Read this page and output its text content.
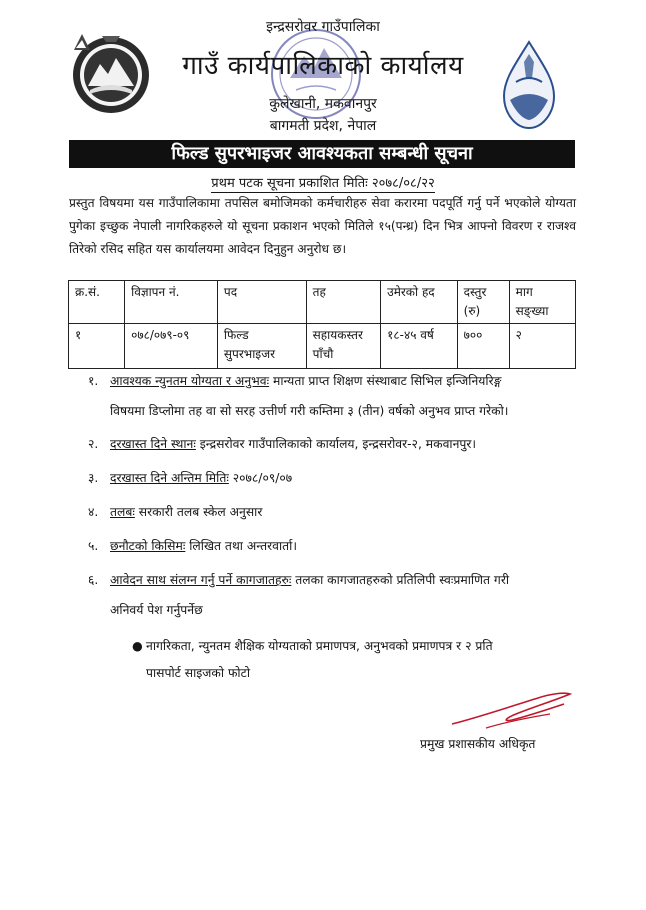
इन्द्रसरोवर गाउँपालिका
गाउँ कार्यपालिकाको कार्यालय
कुलेखानी, मकवानपुर
बागमती प्रदेश, नेपाल
फिल्ड सुपरभाइजर आवश्यकता सम्बन्धी सूचना
प्रथम पटक सूचना प्रकाशित मितिः २०७८/०८/२२
प्रस्तुत विषयमा यस गाउँपालिकामा तपसिल बमोजिमको कर्मचारीहरु सेवा करारमा पदपूर्ति गर्नु पर्ने भएकोले योग्यता पुगेका इच्छुक नेपाली नागरिकहरुले यो सूचना प्रकाशन भएको मितिले १५(पन्ध्र) दिन भित्र आफ्नो विवरण र राजश्व तिरेको रसिद सहित यस कार्यालयमा आवेदन दिनुहुन अनुरोध छ।
क्र.सं.	विज्ञापन नं.	पद	तह	उमेरको हद	दस्तुर (रु)	माग सङ्ख्या
१	०७८/०७९-०९	फिल्ड सुपरभाइजर	सहायकस्तर पाँचौ	१८-४५ वर्ष	७००	२
१. आवश्यक न्युनतम योग्यता र अनुभवः मान्यता प्राप्त शिक्षण संस्थाबाट सिभिल इन्जिनियरिङ्ग
विषयमा डिप्लोमा तह वा सो सरह उत्तीर्ण गरी कम्तिमा ३ (तीन) वर्षको अनुभव प्राप्त गरेको।
२. दरखास्त दिने स्थानः इन्द्रसरोवर गाउँपालिकाको कार्यालय, इन्द्रसरोवर-२, मकवानपुर।
३. दरखास्त दिने अन्तिम मितिः २०७८/०९/०७
४. तलबः सरकारी तलब स्केल अनुसार
५. छनौटको किसिमः लिखित तथा अन्तरवार्ता।
६. आवेदन साथ संलग्न गर्नु पर्ने कागजातहरुः तलका कागजातहरुको प्रतिलिपी स्वःप्रमाणित गरी
अनिवर्य पेश गर्नुपर्नेछ
● नागरिकता, न्युनतम शैक्षिक योग्यताको प्रमाणपत्र, अनुभवको प्रमाणपत्र र २ प्रति
पासपोर्ट साइजको फोटो
प्रमुख प्रशासकीय अधिकृत
